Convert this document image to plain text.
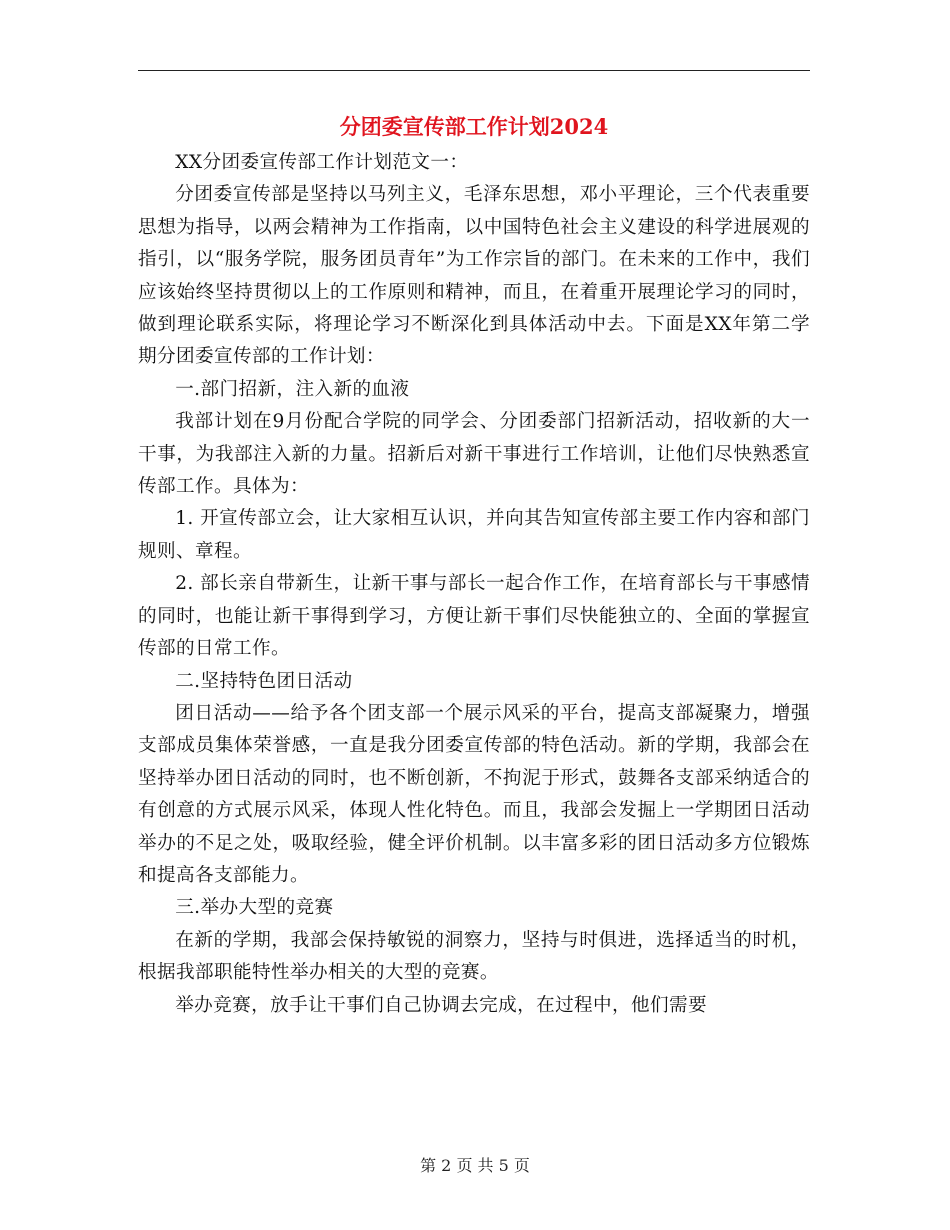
分团委宣传部工作计划2024

XX分团委宣传部工作计划范文一：

分团委宣传部是坚持以马列主义，毛泽东思想，邓小平理论，三个代表重要思想为指导，以两会精神为工作指南，以中国特色社会主义建设的科学进展观的指引，以“服务学院，服务团员青年”为工作宗旨的部门。在未来的工作中，我们应该始终坚持贯彻以上的工作原则和精神，而且，在着重开展理论学习的同时，做到理论联系实际，将理论学习不断深化到具体活动中去。下面是XX年第二学期分团委宣传部的工作计划：

一.部门招新，注入新的血液

我部计划在9月份配合学院的同学会、分团委部门招新活动，招收新的大一干事，为我部注入新的力量。招新后对新干事进行工作培训，让他们尽快熟悉宣传部工作。具体为：

1. 开宣传部立会，让大家相互认识，并向其告知宣传部主要工作内容和部门规则、章程。

2. 部长亲自带新生，让新干事与部长一起合作工作，在培育部长与干事感情的同时，也能让新干事得到学习，方便让新干事们尽快能独立的、全面的掌握宣传部的日常工作。

二.坚持特色团日活动

团日活动——给予各个团支部一个展示风采的平台，提高支部凝聚力，增强支部成员集体荣誉感，一直是我分团委宣传部的特色活动。新的学期，我部会在坚持举办团日活动的同时，也不断创新，不拘泥于形式，鼓舞各支部采纳适合的有创意的方式展示风采，体现人性化特色。而且，我部会发掘上一学期团日活动举办的不足之处，吸取经验，健全评价机制。以丰富多彩的团日活动多方位锻炼和提高各支部能力。

三.举办大型的竞赛

在新的学期，我部会保持敏锐的洞察力，坚持与时俱进，选择适当的时机，根据我部职能特性举办相关的大型的竞赛。

举办竞赛，放手让干事们自己协调去完成，在过程中，他们需要

第 2 页 共 5 页
